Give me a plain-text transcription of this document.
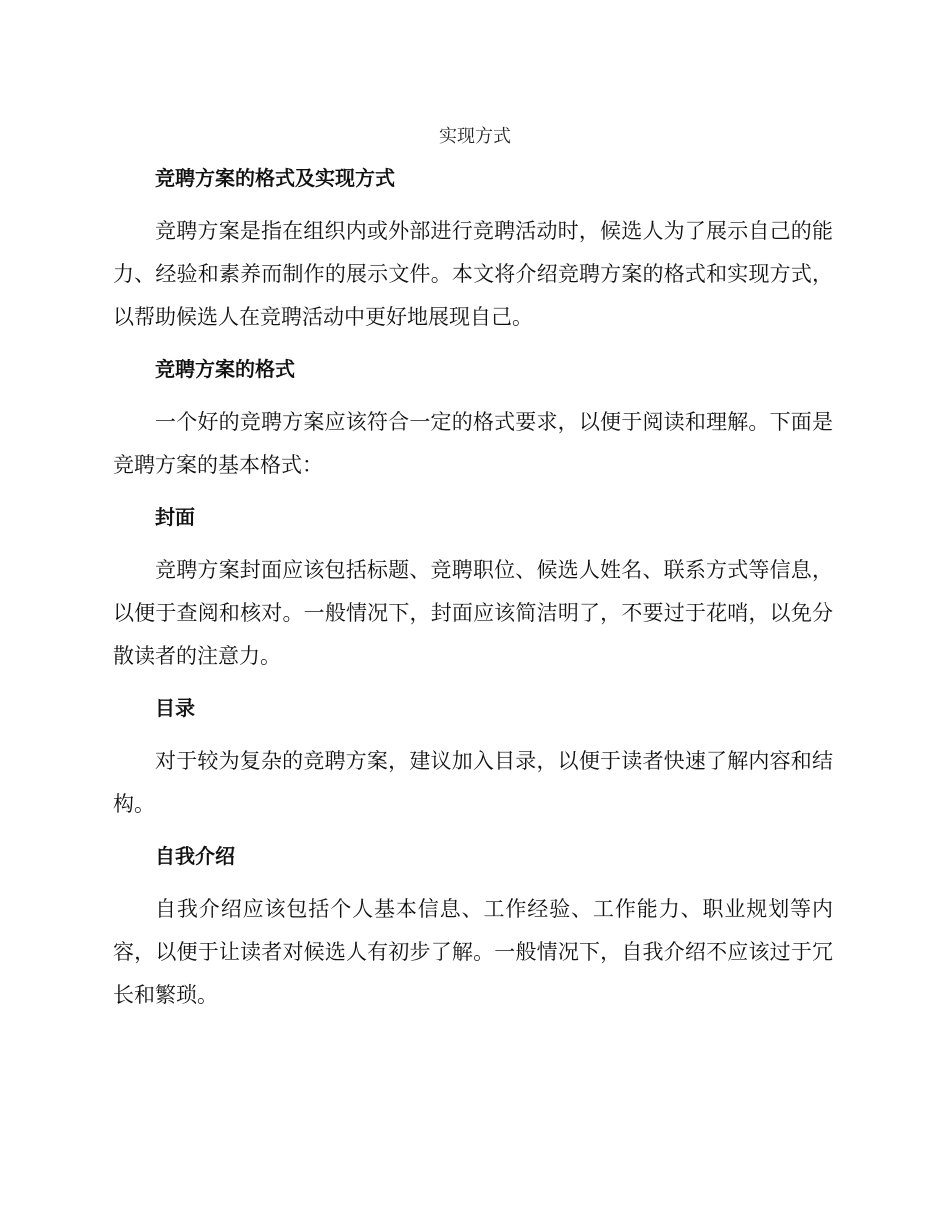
实现方式

竞聘方案的格式及实现方式

竞聘方案是指在组织内或外部进行竞聘活动时，候选人为了展示自己的能力、经验和素养而制作的展示文件。本文将介绍竞聘方案的格式和实现方式，以帮助候选人在竞聘活动中更好地展现自己。

竞聘方案的格式

一个好的竞聘方案应该符合一定的格式要求，以便于阅读和理解。下面是竞聘方案的基本格式：

封面

竞聘方案封面应该包括标题、竞聘职位、候选人姓名、联系方式等信息，以便于查阅和核对。一般情况下，封面应该简洁明了，不要过于花哨，以免分散读者的注意力。

目录

对于较为复杂的竞聘方案，建议加入目录，以便于读者快速了解内容和结构。

自我介绍

自我介绍应该包括个人基本信息、工作经验、工作能力、职业规划等内容，以便于让读者对候选人有初步了解。一般情况下，自我介绍不应该过于冗长和繁琐。
